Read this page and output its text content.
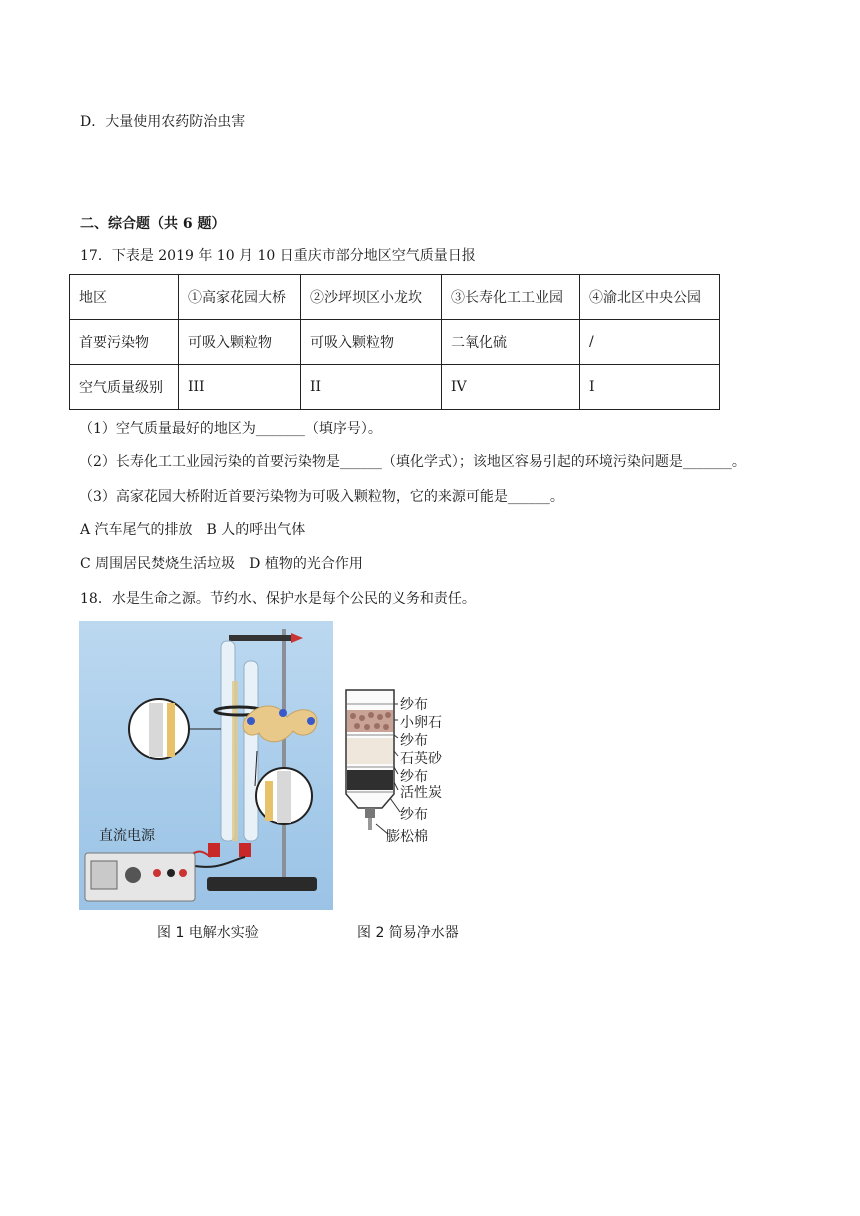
D．大量使用农药防治虫害
二、综合题（共 6 题）
17．下表是 2019 年 10 月 10 日重庆市部分地区空气质量日报
地区	①高家花园大桥	②沙坪坝区小龙坎	③长寿化工工业园	④渝北区中央公园
首要污染物	可吸入颗粒物	可吸入颗粒物	二氧化硫	/
空气质量级别	III	II	IV	I
（1）空气质量最好的地区为_______（填序号）。
（2）长寿化工工业园污染的首要污染物是______（填化学式）；该地区容易引起的环境污染问题是_______。
（3）高家花园大桥附近首要污染物为可吸入颗粒物，它的来源可能是______。
A 汽车尾气的排放　B 人的呼出气体
C 周围居民焚烧生活垃圾　D 植物的光合作用
18．水是生命之源。节约水、保护水是每个公民的义务和责任。
直流电源
纱布
小卵石
纱布
石英砂
纱布
活性炭
纱布
膨松棉
图 1 电解水实验	图 2 简易净水器
